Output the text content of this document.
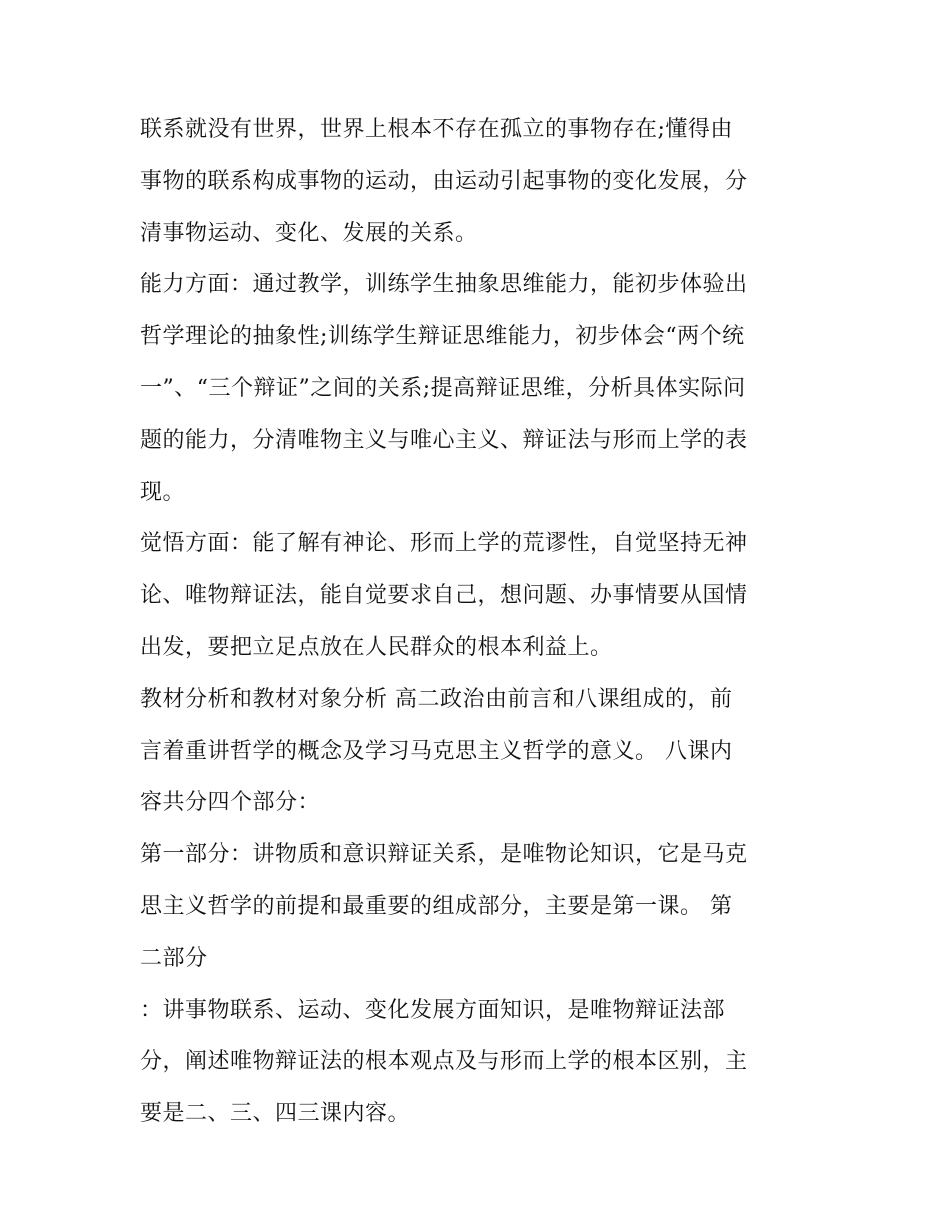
联系就没有世界，世界上根本不存在孤立的事物存在;懂得由
事物的联系构成事物的运动，由运动引起事物的变化发展，分
清事物运动、变化、发展的关系。
能力方面：通过教学，训练学生抽象思维能力，能初步体验出
哲学理论的抽象性;训练学生辩证思维能力，初步体会“两个统
一”、“三个辩证”之间的关系;提高辩证思维，分析具体实际问
题的能力，分清唯物主义与唯心主义、辩证法与形而上学的表
现。
觉悟方面：能了解有神论、形而上学的荒谬性，自觉坚持无神
论、唯物辩证法，能自觉要求自己，想问题、办事情要从国情
出发，要把立足点放在人民群众的根本利益上。
教材分析和教材对象分析 高二政治由前言和八课组成的，前
言着重讲哲学的概念及学习马克思主义哲学的意义。 八课内
容共分四个部分：
第一部分：讲物质和意识辩证关系，是唯物论知识，它是马克
思主义哲学的前提和最重要的组成部分，主要是第一课。 第
二部分
：讲事物联系、运动、变化发展方面知识，是唯物辩证法部
分，阐述唯物辩证法的根本观点及与形而上学的根本区别，主
要是二、三、四三课内容。
